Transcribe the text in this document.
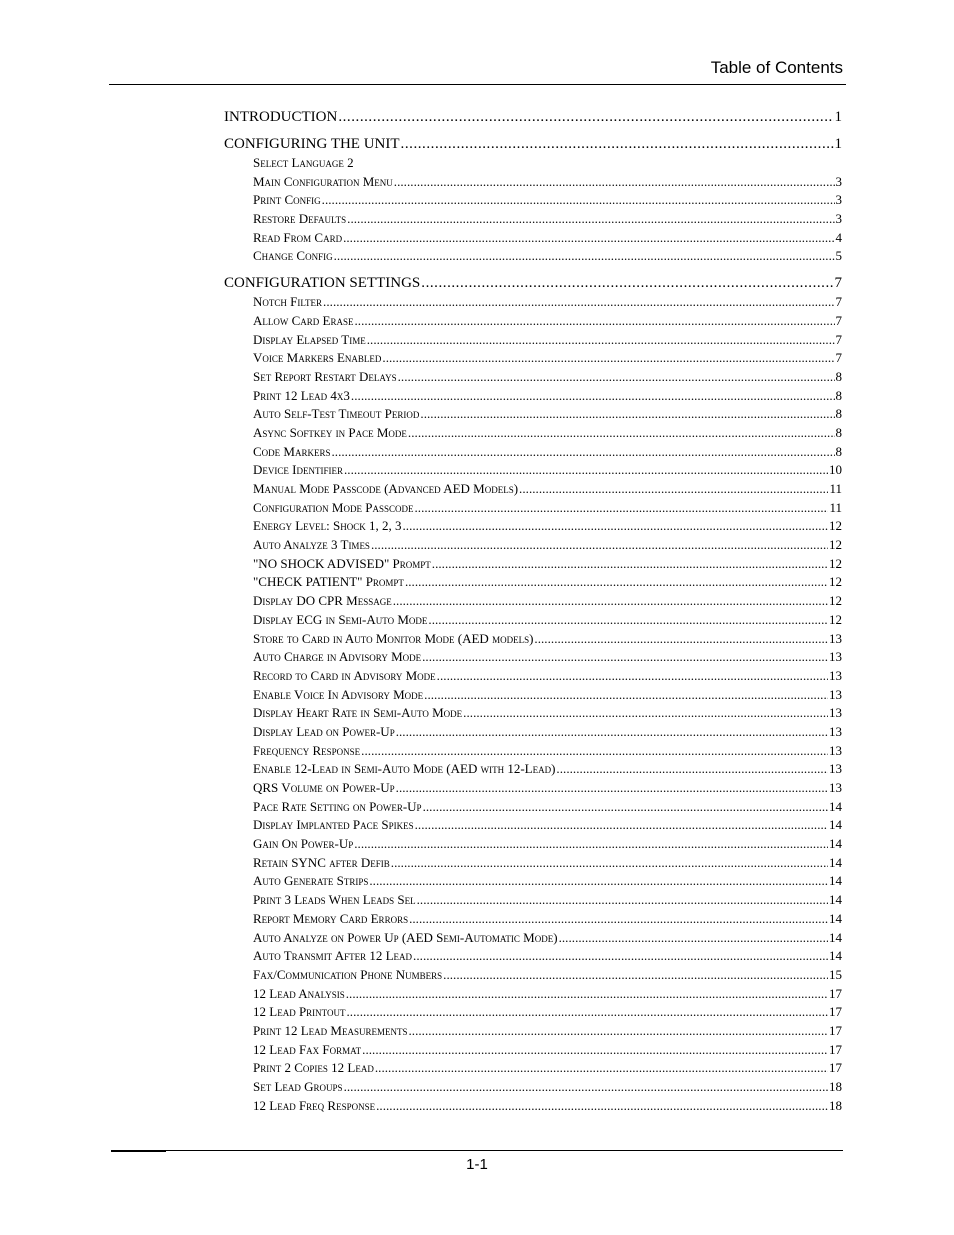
Table of Contents
INTRODUCTION . . .	1
CONFIGURING THE UNIT . . .	1
Select Language 2
Main Configuration Menu . . .	3
Print Config . . .	3
Restore Defaults . . .	3
Read From Card . . .	4
Change Config . . .	5
CONFIGURATION SETTINGS . . .	7
Notch Filter . . .	7
Allow Card Erase . . .	7
Display Elapsed Time . . .	7
Voice Markers Enabled . . .	7
Set Report Restart Delays . . .	8
Print 12 Lead 4x3 . . .	8
Auto Self-Test Timeout Period . . .	8
Async Softkey in Pace Mode . . .	8
Code Markers . . .	8
Device Identifier . . .	10
Manual Mode Passcode (Advanced AED Models) . . .	11
Configuration Mode Passcode . . .	11
Energy Level: Shock 1, 2, 3 . . .	12
Auto Analyze 3 Times . . .	12
"NO SHOCK ADVISED" Prompt . . .	12
"CHECK PATIENT" Prompt . . .	12
Display DO CPR Message . . .	12
Display ECG in Semi-Auto Mode . . .	12
Store to Card in Auto Monitor Mode (AED models) . . .	13
Auto Charge in Advisory Mode . . .	13
Record to Card in Advisory Mode . . .	13
Enable Voice In Advisory Mode . . .	13
Display Heart Rate in Semi-Auto Mode . . .	13
Display Lead on Power-Up . . .	13
Frequency Response . . .	13
Enable 12-Lead in Semi-Auto Mode (AED with 12-Lead) . . .	13
QRS Volume on Power-Up . . .	13
Pace Rate Setting on Power-Up . . .	14
Display Implanted Pace Spikes . . .	14
Gain On Power-Up . . .	14
Retain SYNC after Defib . . .	14
Auto Generate Strips . . .	14
Print 3 Leads When Leads Sel . . .	14
Report Memory Card Errors . . .	14
Auto Analyze on Power Up (AED Semi-Automatic Mode) . . .	14
Auto Transmit After 12 Lead . . .	14
Fax/Communication Phone Numbers . . .	15
12 Lead Analysis . . .	17
12 Lead Printout . . .	17
Print 12 Lead Measurements . . .	17
12 Lead Fax Format . . .	17
Print 2 Copies 12 Lead . . .	17
Set Lead Groups . . .	18
12 Lead Freq Response . . .	18
1-1
